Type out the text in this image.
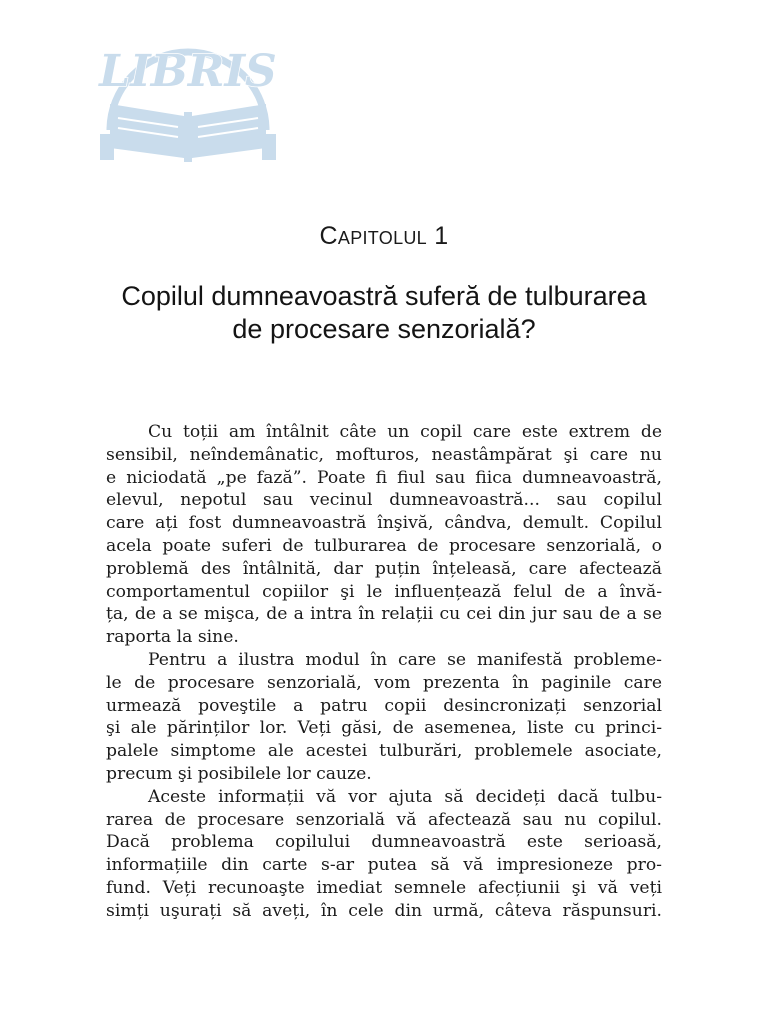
LIBRIS
Capitolul 1
Copilul dumneavoastră suferă de tulburarea
de procesare senzorială?
Cu toții am întâlnit câte un copil care este extrem de
sensibil, neîndemânatic, mofturos, neastâmpărat şi care nu
e niciodată „pe fază”. Poate fi fiul sau fiica dumneavoastră,
elevul, nepotul sau vecinul dumneavoastră... sau copilul
care ați fost dumneavoastră înşivă, cândva, demult. Copilul
acela poate suferi de tulburarea de procesare senzorială, o
problemă des întâlnită, dar puțin înțeleasă, care afectează
comportamentul copiilor şi le influențează felul de a învă-
ța, de a se mişca, de a intra în relații cu cei din jur sau de a se
raporta la sine.
Pentru a ilustra modul în care se manifestă probleme-
le de procesare senzorială, vom prezenta în paginile care
urmează poveştile a patru copii desincronizați senzorial
şi ale părinților lor. Veți găsi, de asemenea, liste cu princi-
palele simptome ale acestei tulburări, problemele asociate,
precum şi posibilele lor cauze.
Aceste informații vă vor ajuta să decideți dacă tulbu-
rarea de procesare senzorială vă afectează sau nu copilul.
Dacă problema copilului dumneavoastră este serioasă,
informațiile din carte s-ar putea să vă impresioneze pro-
fund. Veți recunoaşte imediat semnele afecțiunii şi vă veți
simți uşurați să aveți, în cele din urmă, câteva răspunsuri.
